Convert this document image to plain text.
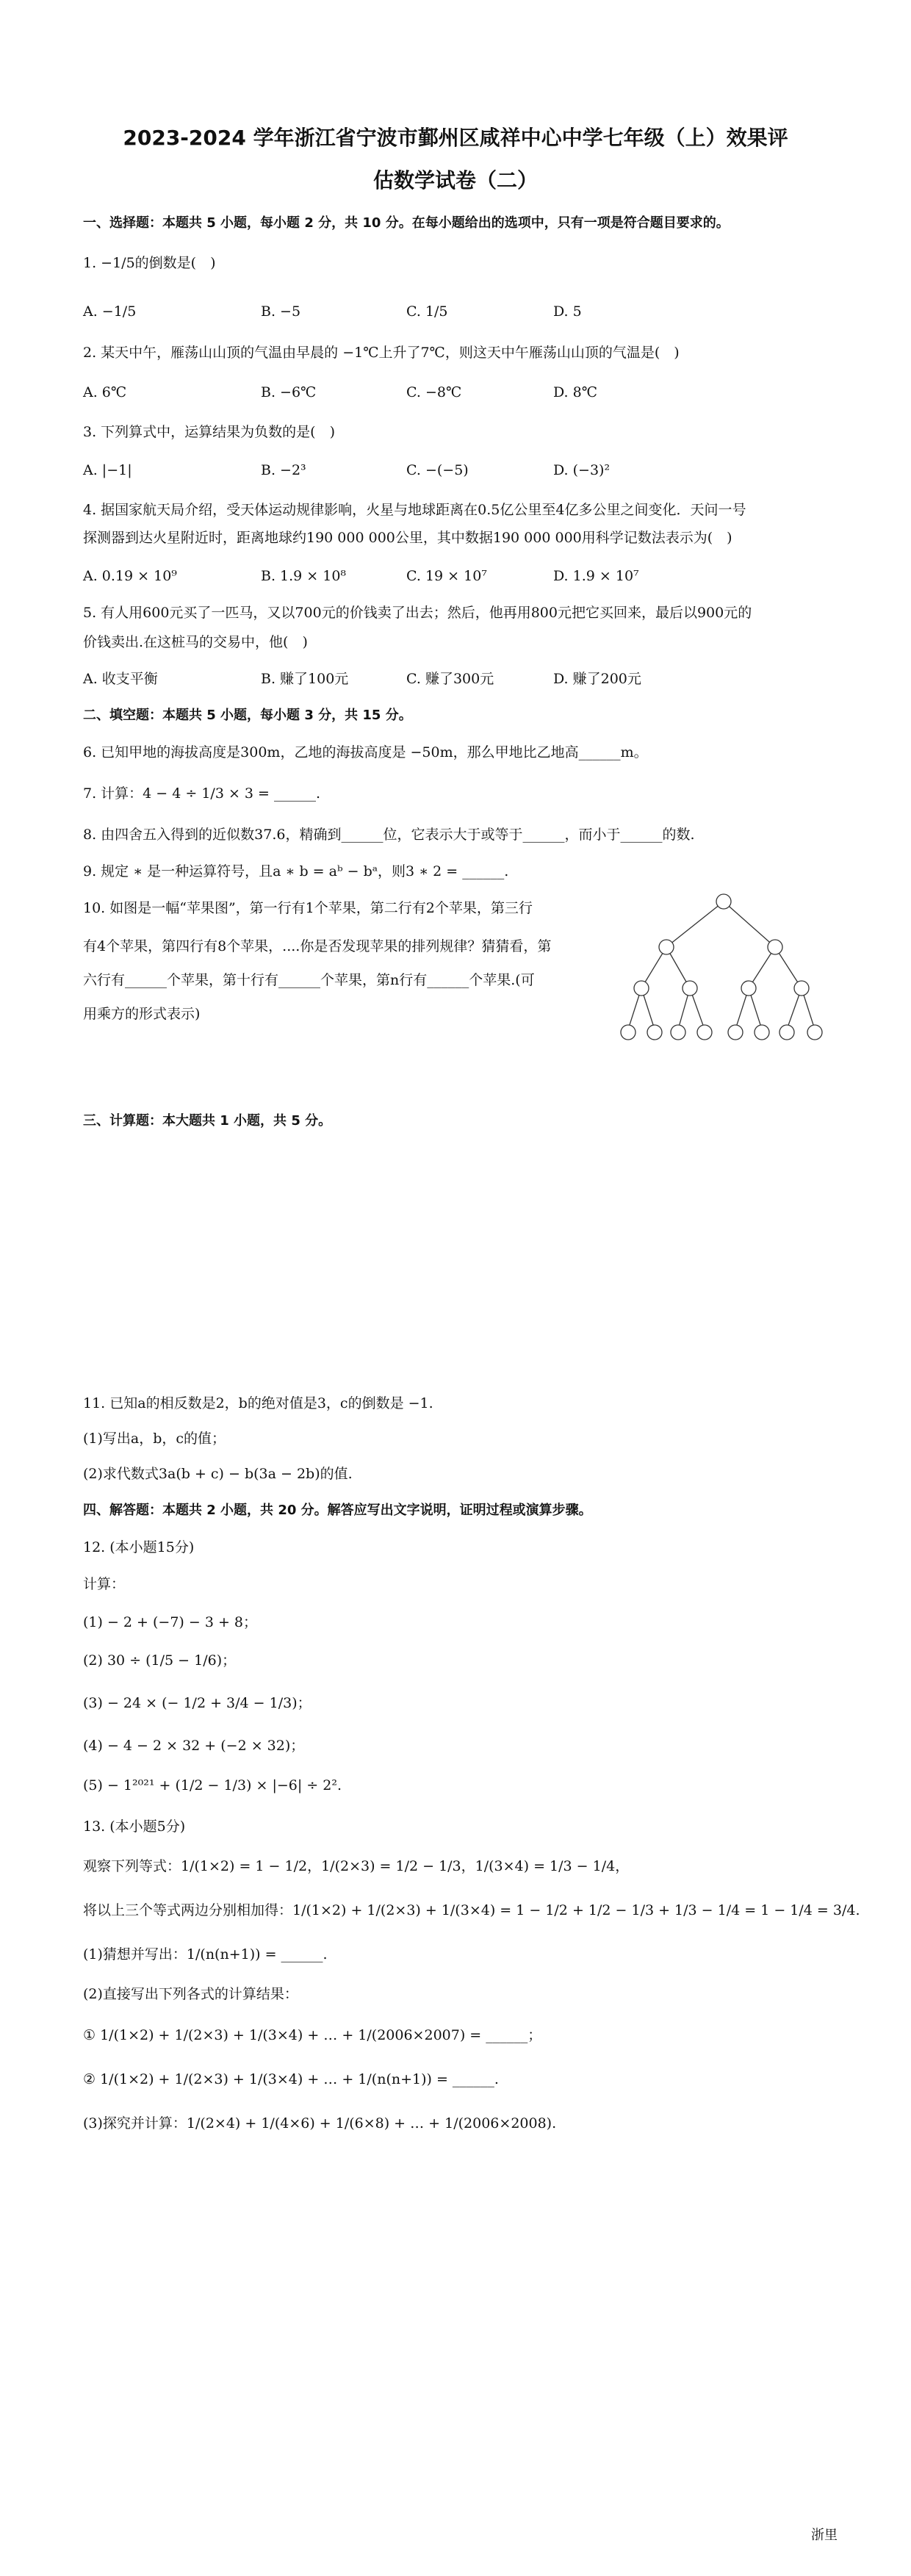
2023-2024 学年浙江省宁波市鄞州区咸祥中心中学七年级（上）效果评
估数学试卷（二）
一、选择题：本题共 5 小题，每小题 2 分，共 10 分。在每小题给出的选项中，只有一项是符合题目要求的。
1. −1/5的倒数是(　)
A. −1/5	B. −5	C. 1/5	D. 5
2. 某天中午，雁荡山山顶的气温由早晨的 −1℃上升了7℃，则这天中午雁荡山山顶的气温是(　)
A. 6℃	B. −6℃	C. −8℃	D. 8℃
3. 下列算式中，运算结果为负数的是(　)
A. |−1|	B. −2³	C. −(−5)	D. (−3)²
4. 据国家航天局介绍，受天体运动规律影响，火星与地球距离在0.5亿公里至4亿多公里之间变化．天问一号
探测器到达火星附近时，距离地球约190 000 000公里，其中数据190 000 000用科学记数法表示为(　)
A. 0.19 × 10⁹	B. 1.9 × 10⁸	C. 19 × 10⁷	D. 1.9 × 10⁷
5. 有人用600元买了一匹马，又以700元的价钱卖了出去；然后，他再用800元把它买回来，最后以900元的
价钱卖出.在这桩马的交易中，他(　)
A. 收支平衡	B. 赚了100元	C. 赚了300元	D. 赚了200元
二、填空题：本题共 5 小题，每小题 3 分，共 15 分。
6. 已知甲地的海拔高度是300m，乙地的海拔高度是 −50m，那么甲地比乙地高______m。
7. 计算：4 − 4 ÷ 1/3 × 3 = ______.
8. 由四舍五入得到的近似数37.6，精确到______位，它表示大于或等于______，而小于______的数.
9. 规定 ∗ 是一种运算符号，且a ∗ b = aᵇ − bᵃ，则3 ∗ 2 = ______.
10. 如图是一幅“苹果图”，第一行有1个苹果，第二行有2个苹果，第三行
有4个苹果，第四行有8个苹果，....你是否发现苹果的排列规律？猜猜看，第
六行有______个苹果，第十行有______个苹果，第n行有______个苹果.(可
用乘方的形式表示)
三、计算题：本大题共 1 小题，共 5 分。
11. 已知a的相反数是2，b的绝对值是3，c的倒数是 −1.
(1)写出a，b，c的值；
(2)求代数式3a(b + c) − b(3a − 2b)的值.
四、解答题：本题共 2 小题，共 20 分。解答应写出文字说明，证明过程或演算步骤。
12. (本小题15分)
计算：
(1) − 2 + (−7) − 3 + 8；
(2) 30 ÷ (1/5 − 1/6)；
(3) − 24 × (− 1/2 + 3/4 − 1/3)；
(4) − 4 − 2 × 32 + (−2 × 32)；
(5) − 1²⁰²¹ + (1/2 − 1/3) × |−6| ÷ 2².
13. (本小题5分)
观察下列等式：1/(1×2) = 1 − 1/2，1/(2×3) = 1/2 − 1/3，1/(3×4) = 1/3 − 1/4，
将以上三个等式两边分别相加得：1/(1×2) + 1/(2×3) + 1/(3×4) = 1 − 1/2 + 1/2 − 1/3 + 1/3 − 1/4 = 1 − 1/4 = 3/4.
(1)猜想并写出：1/(n(n+1)) = ______.
(2)直接写出下列各式的计算结果：
① 1/(1×2) + 1/(2×3) + 1/(3×4) + … + 1/(2006×2007) = ______；
② 1/(1×2) + 1/(2×3) + 1/(3×4) + … + 1/(n(n+1)) = ______.
(3)探究并计算：1/(2×4) + 1/(4×6) + 1/(6×8) + … + 1/(2006×2008).
浙里
